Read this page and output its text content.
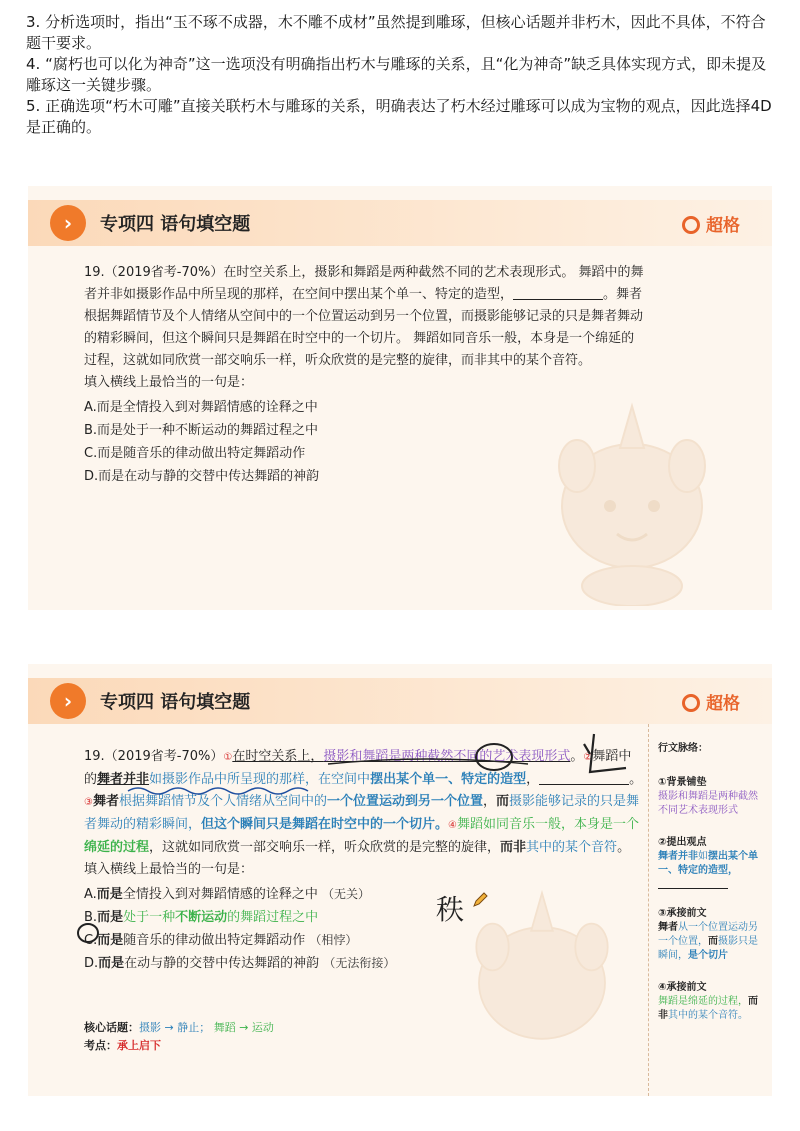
3. 分析选项时，指出“玉不琢不成器，木不雕不成材”虽然提到雕琢，但核心话题并非朽木，因此不具体，不符合题干要求。

4. “腐朽也可以化为神奇”这一选项没有明确指出朽木与雕琢的关系，且“化为神奇”缺乏具体实现方式，即未提及雕琢这一关键步骤。

5. 正确选项“朽木可雕”直接关联朽木与雕琢的关系，明确表达了朽木经过雕琢可以成为宝物的观点，因此选择4D是正确的。

›	专项四 语句填空题	超格

19.（2019省考-70%）在时空关系上，摄影和舞蹈是两种截然不同的艺术表现形式。 舞蹈中的舞者并非如摄影作品中所呈现的那样，在空间中摆出某个单一、特定的造型，	。舞者根据舞蹈情节及个人情绪从空间中的一个位置运动到另一个位置，而摄影能够记录的只是舞者舞动的精彩瞬间，但这个瞬间只是舞蹈在时空中的一个切片。 舞蹈如同音乐一般，本身是一个绵延的过程，这就如同欣赏一部交响乐一样，听众欣赏的是完整的旋律，而非其中的某个音符。

填入横线上最恰当的一句是：

A.而是全情投入到对舞蹈情感的诠释之中
B.而是处于一种不断运动的舞蹈过程之中
C.而是随音乐的律动做出特定舞蹈动作
D.而是在动与静的交替中传达舞蹈的神韵
›	专项四 语句填空题	超格

19.（2019省考-70%）①在时空关系上，摄影和舞蹈是两种截然不同的艺术表现形式。②舞蹈中的舞者并非如摄影作品中所呈现的那样，在空间中摆出某个单一、特定的造型，	。③舞者根据舞蹈情节及个人情绪从空间中的一个位置运动到另一个位置，而摄影能够记录的只是舞者舞动的精彩瞬间，但这个瞬间只是舞蹈在时空中的一个切片。④舞蹈如同音乐一般，本身是一个绵延的过程，这就如同欣赏一部交响乐一样，听众欣赏的是完整的旋律，而非其中的某个音符。

填入横线上最恰当的一句是：

A.而是全情投入到对舞蹈情感的诠释之中 （无关）
B.而是处于一种不断运动的舞蹈过程之中
C.而是随音乐的律动做出特定舞蹈动作 （相悖）
D.而是在动与静的交替中传达舞蹈的神韵 （无法衔接）
核心话题：摄影 → 静止； 舞蹈 → 运动
考点：承上启下
秩
行文脉络：
①背景铺垫
摄影和舞蹈是两种截然不同艺术表现形式
②提出观点
舞者并非如摆出某个单一、特定的造型，
③承接前文
舞者从一个位置运动另一个位置，而摄影只是瞬间，是个切片
④承接前文
舞蹈是绵延的过程，而非其中的某个音符。
